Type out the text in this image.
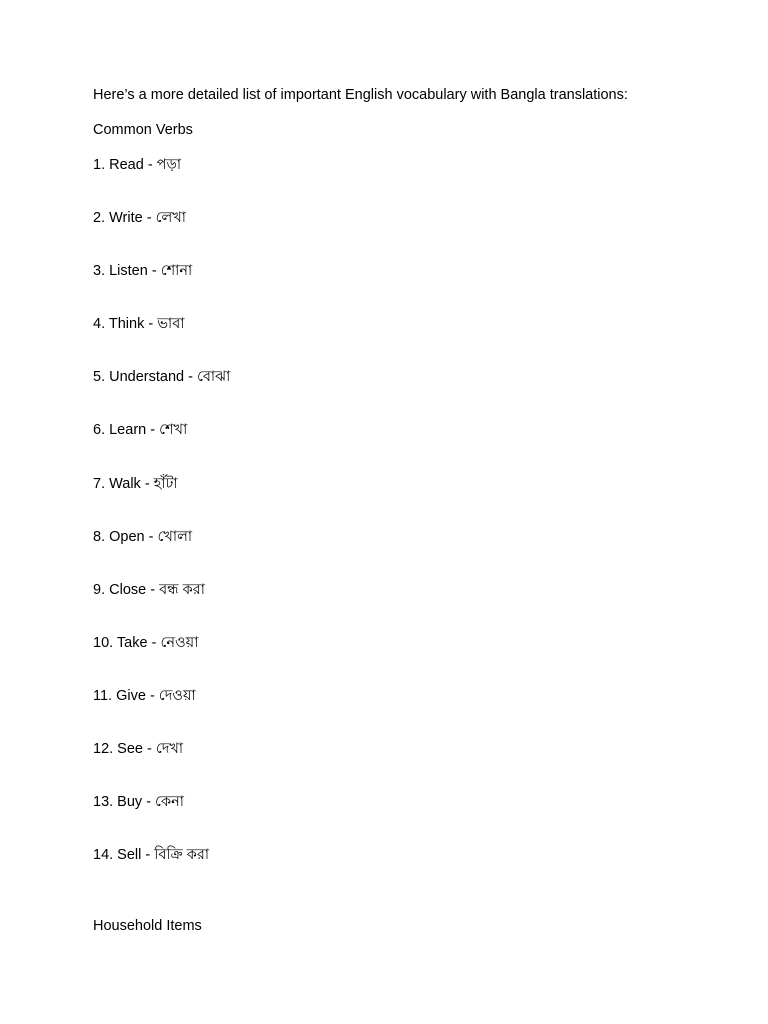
Here’s a more detailed list of important English vocabulary with Bangla translations:

Common Verbs

1. Read - পড়া
2. Write - লেখা
3. Listen - শোনা
4. Think - ভাবা
5. Understand - বোঝা
6. Learn - শেখা
7. Walk - হাঁটা
8. Open - খোলা
9. Close - বন্ধ করা
10. Take - নেওয়া
11. Give - দেওয়া
12. See - দেখা
13. Buy - কেনা
14. Sell - বিক্রি করা

Household Items
